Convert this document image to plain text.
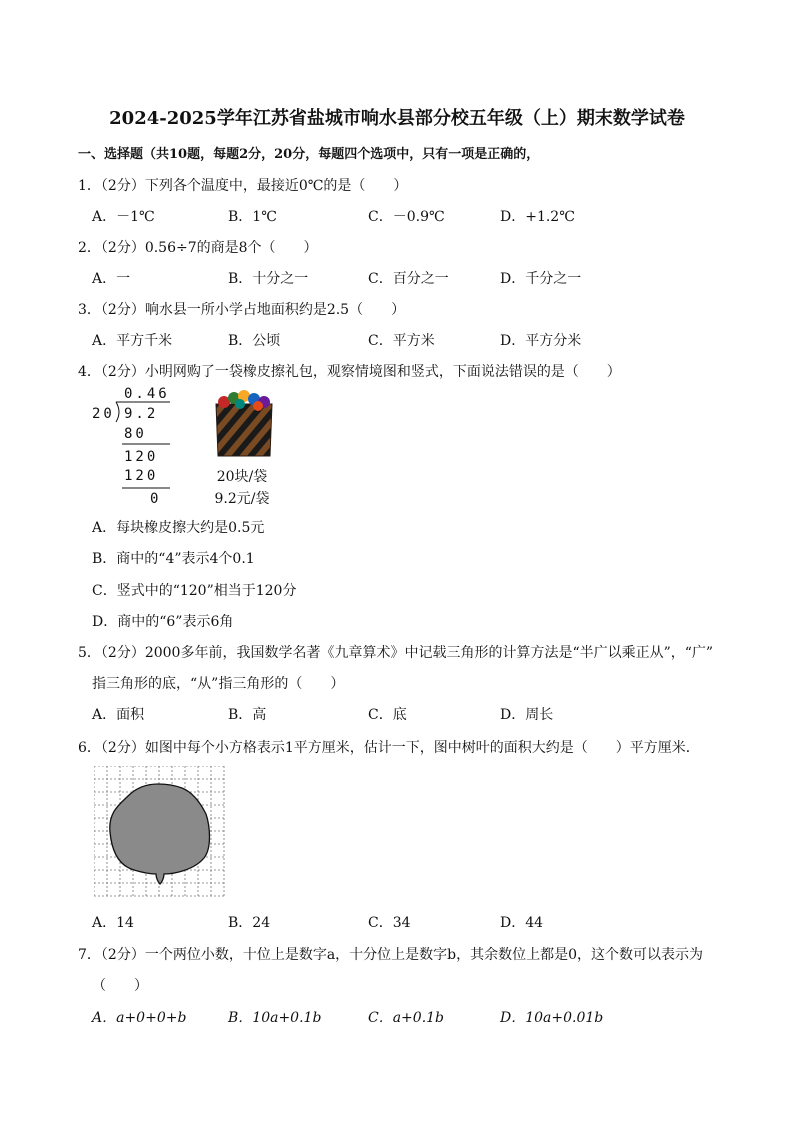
2024-2025学年江苏省盐城市响水县部分校五年级（上）期末数学试卷
一、选择题（共10题，每题2分，20分，每题四个选项中，只有一项是正确的，
1．（2分）下列各个温度中，最接近0℃的是（　　）
A．－1℃	B．1℃	C．－0.9℃	D．+1.2℃
2．（2分）0.56÷7的商是8个（　　）
A．一	B．十分之一	C．百分之一	D．千分之一
3．（2分）响水县一所小学占地面积约是2.5（　　）
A．平方千米	B．公顷	C．平方米	D．平方分米
4．（2分）小明网购了一袋橡皮擦礼包，观察情境图和竖式，下面说法错误的是（　　）
0.46
20 9.2
80
120
120
0
20块/袋
9.2元/袋
A．每块橡皮擦大约是0.5元
B．商中的“4”表示4个0.1
C．竖式中的“120”相当于120分
D．商中的“6”表示6角
5．（2分）2000多年前，我国数学名著《九章算术》中记载三角形的计算方法是“半广以乘正从”，“广”
指三角形的底，“从”指三角形的（　　）
A．面积	B．高	C．底	D．周长
6．（2分）如图中每个小方格表示1平方厘米，估计一下，图中树叶的面积大约是（　　）平方厘米．
A．14	B．24	C．34	D．44
7．（2分）一个两位小数，十位上是数字a，十分位上是数字b，其余数位上都是0，这个数可以表示为
（　　）
A．a+0+0+b	B．10a+0.1b	C．a+0.1b	D．10a+0.01b
